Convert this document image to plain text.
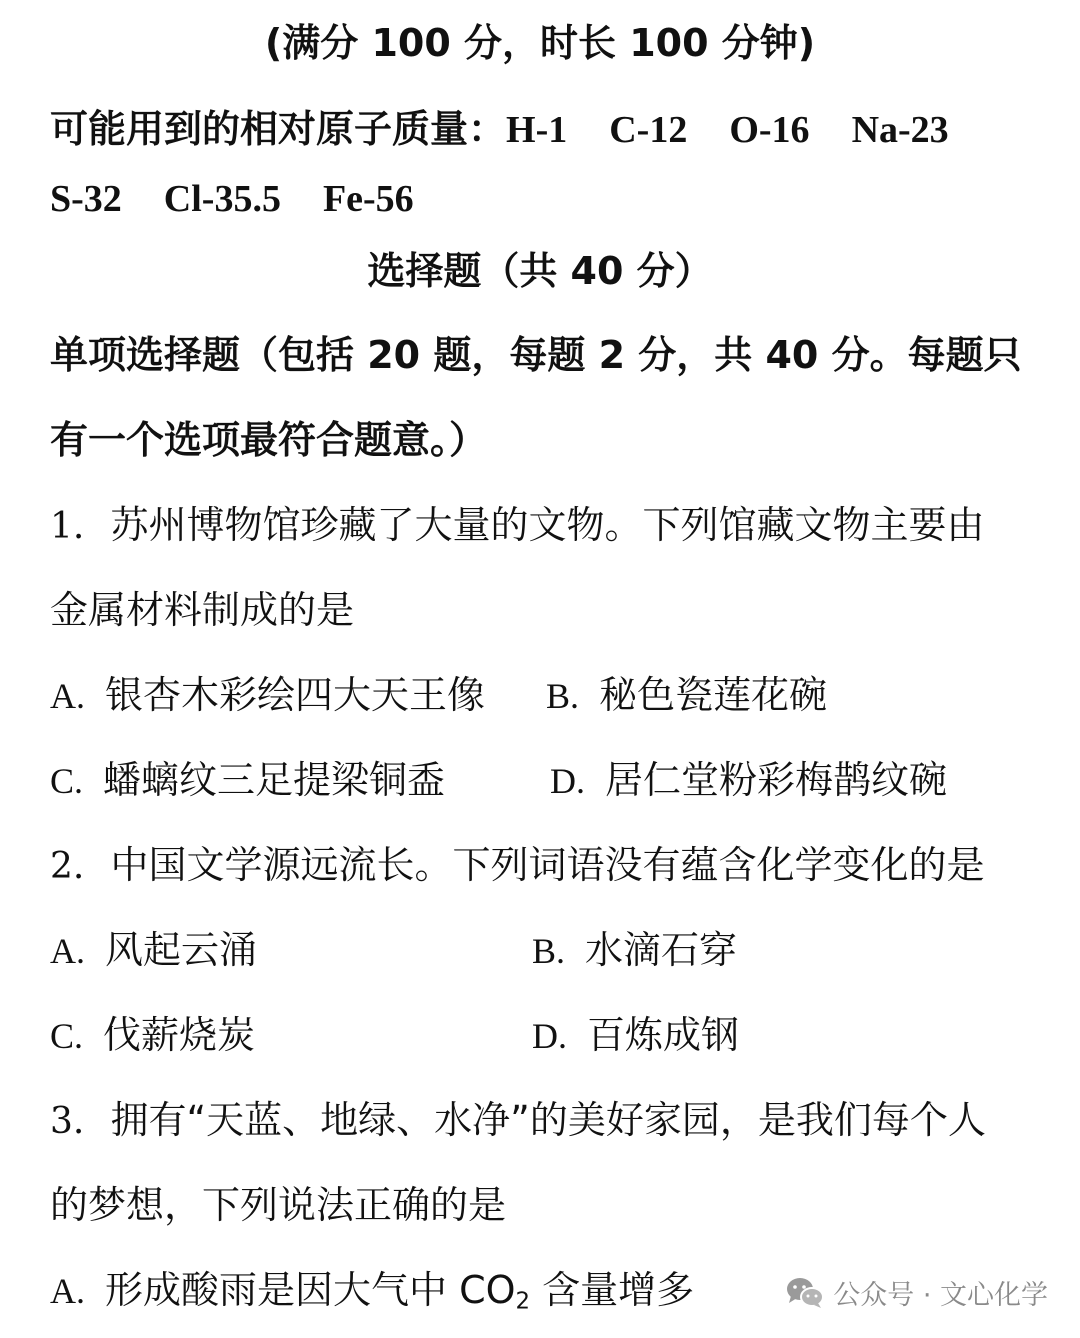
(满分 100 分，时长 100 分钟)
可能用到的相对原子质量：H-1 C-12 O-16 Na-23
S-32 Cl-35.5 Fe-56
选择题（共 40 分）
单项选择题（包括 20 题，每题 2 分，共 40 分。每题只
有一个选项最符合题意。）
1. 苏州博物馆珍藏了大量的文物。下列馆藏文物主要由
金属材料制成的是
A. 银杏木彩绘四大天王像 B. 秘色瓷莲花碗
C. 蟠螭纹三足提梁铜盉	D. 居仁堂粉彩梅鹊纹碗
2. 中国文学源远流长。下列词语没有蕴含化学变化的是
A. 风起云涌	B. 水滴石穿
C. 伐薪烧炭	D. 百炼成钢
3. 拥有“天蓝、地绿、水净”的美好家园，是我们每个人
的梦想，下列说法正确的是
A. 形成酸雨是因大气中 $CO_2$ 含量增多	公众号 · 文心化学
